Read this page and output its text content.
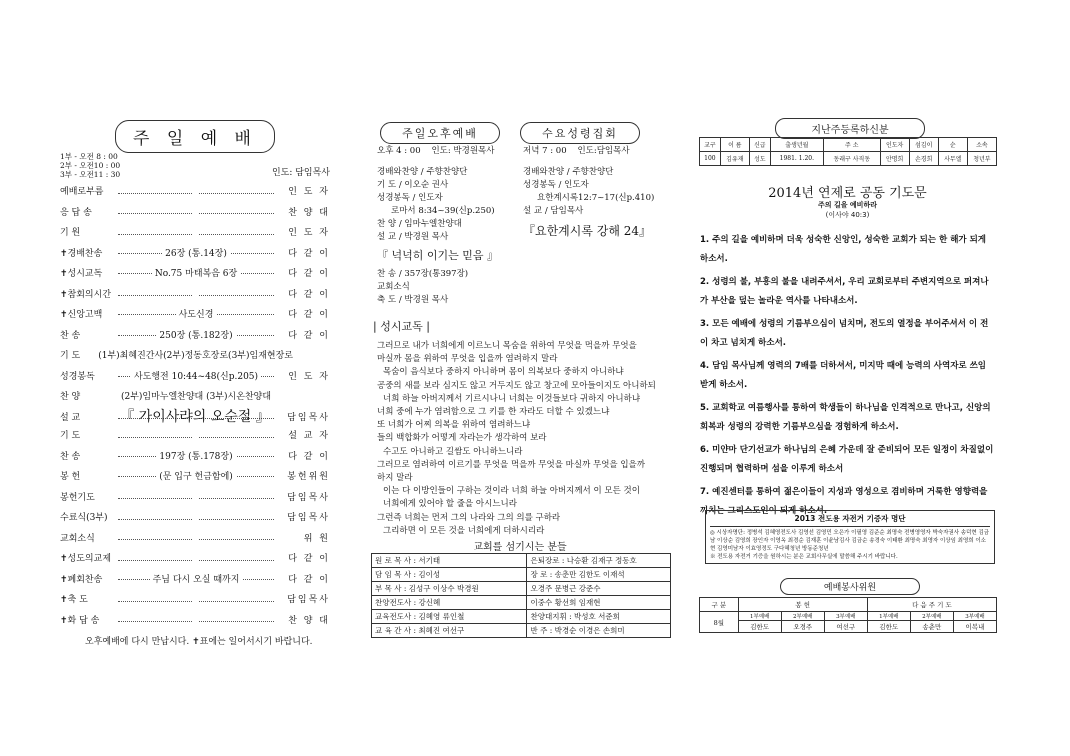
주 일 예 배
1부 - 오전 8 : 00
2부 - 오전10 : 00
3부 - 오전11 : 30	인도: 담임목사
예배로부름	인 도 자
응 답 송	찬 양 대
기 원	인 도 자
✝경배찬송	26장 (통.14장)	다 같 이
✝성시교독	No.75 마태복음 6장	다 같 이
✝참회의시간	다 같 이
✝신앙고백	사도신경	다 같 이
찬 송	250장 (통.182장)	다 같 이
기 도	(1부)최혜진간사(2부)정동호장로(3부)임재현장로
성경봉독	사도행전 10:44~48(신p.205)	인 도 자
찬 양	(2부)임마누엘찬양대 (3부)시온찬양대
설 교	담임목사
『 가이사랴의 오순절 』
기 도	설 교 자
찬 송	197장 (통.178장)	다 같 이
봉 헌	(문 입구 헌금함에)	봉헌위원
봉헌기도	담임목사
수료식(3부)	담임목사
교회소식	위 원
✝성도의교제	다 같 이
✝폐회찬송	주님 다시 오실 때까지	다 같 이
✝축 도	담임목사
✝화 답 송	찬 양 대
오후예배에 다시 만납시다. ✝표에는 일어서시기 바랍니다.
주일오후예배	수요성령집회
오후 4 : 00 인도: 박경원목사
경배와찬양 / 주향찬양단
기 도 / 이오순 권사
성경봉독 / 인도자
로마서 8:34~39(신p.250)
찬 양 / 임마누엘찬양대
설 교 / 박경원 목사
『 넉넉히 이기는 믿음 』
찬 송 / 357장(통397장)
교회소식
축 도 / 박경원 목사
저녁 7 : 00 인도:담임목사
경배와찬양 / 주향찬양단
성경봉독 / 인도자
요한계시록12:7~17(신p.410)
설 교 / 담임목사
『요한계시록 강해 24』
| 성시교독 |
그러므로 내가 너희에게 이르노니 목숨을 위하여 무엇을 먹을까 무엇을
마실까 몸을 위하여 무엇을 입을까 염려하지 말라
목숨이 음식보다 중하지 아니하며 몸이 의복보다 중하지 아니하냐
공중의 새를 보라 심지도 않고 거두지도 않고 창고에 모아들이지도 아니하되
너희 하늘 아버지께서 기르시나니 너희는 이것들보다 귀하지 아니하냐
너희 중에 누가 염려함으로 그 키를 한 자라도 더할 수 있겠느냐
또 너희가 어찌 의복을 위하여 염려하느냐
들의 백합화가 어떻게 자라는가 생각하여 보라
수고도 아니하고 길쌈도 아니하느니라
그러므로 염려하여 이르기를 무엇을 먹을까 무엇을 마실까 무엇을 입을까
하지 말라
이는 다 이방인들이 구하는 것이라 너희 하늘 아버지께서 이 모든 것이
너희에게 있어야 할 줄을 아시느니라
그런즉 너희는 먼저 그의 나라와 그의 의를 구하라
그리하면 이 모든 것을 너희에게 더하시리라
교회를 섬기시는 분들
원 로 목 사 : 서기태	은퇴장로 : 나승환 김재구 정동호
담 임 목 사 : 김이성	장 로 : 송춘만 김한도 이재석
부 목 사 : 김성구 이상수 박경원	오경주 문병근 강준수
찬양전도사 : 강신혜	이중수 황선희 임재현
교육전도사 : 김혜영 류인철	찬양대지휘 : 박성호 서준희
교 육 간 사 : 최혜진 여선구	반 주 : 박경순 이경은 손희미
지난주등록하신분
교구	이 름	신급	출생년월	주 소	인도자	섬김이	순	소속
100	김유재	성도	1981. 1.20.	동래구 사직동	안명희	손경희	사무엘	청년부
2014년 연제로 공동 기도문
주의 길을 예비하라
(이사야 40:3)

1. 주의 길을 예비하며 더욱 성숙한 신앙인, 성숙한 교회가 되는 한 해가 되게 하소서.

2. 성령의 불, 부흥의 불을 내려주셔서, 우리 교회로부터 주변지역으로 퍼져나가 부산을 덮는 놀라운 역사를 나타내소서.

3. 모든 예배에 성령의 기름부으심이 넘치며, 전도의 열정을 부어주셔서 이 전이 차고 넘치게 하소서.

4. 담임 목사님께 영력의 7배를 더하셔서, 미지막 때에 능력의 사역자로 쓰임 받게 하소서.

5. 교회학교 여름행사를 통하여 학생들이 하나님을 인격적으로 만나고, 신앙의 회복과 성령의 강력한 기름부으심을 경험하게 하소서.

6. 미얀마 단기선교가 하나님의 은혜 가운데 잘 준비되어 모든 일정이 차질없이 진행되며 협력하며 섬을 이루게 하소서

7. 예진센터를 통하여 젊은이들이 지성과 영성으로 겸비하며 거룩한 영향력을 끼치는 그리스도인이 되게 하소서.

2013 전도용 자전거 기증자 명단
◎ 시상자명단: 정병석 김혜영전도사 김영선 김영민 오은가 이필영 김준순 최명숙 전병영영자 박숙자권사 송덕현 김금남 이상순 김영희 장인자 이영옥 최경순 김재훈 이윤남김사 김금순 송경숙 이태환 최명숙 최영자 이상임 최영희 이소현 김영미남자 이효영정도 구다혜청년 방동준청년
※ 전도용 자전거 기증을 원하시는 분은 교회사무실에 말씀해 주시기 바랍니다.
예배봉사위원
구 분	봉 헌			다 음 주 기 도		
8월	1부예배	2부예배	3부예배	1부예배	2부예배	3부예배
	김한도	오경주	여선구	김한도	송춘만	이복내
